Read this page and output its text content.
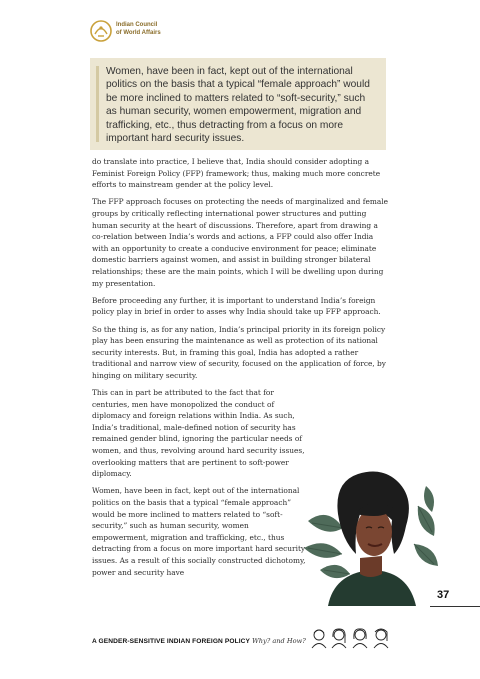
Indian Council
of World Affairs
Women, have been in fact, kept out of the international politics on the basis that a typical “female approach” would be more inclined to matters related to “soft-security,” such as human security, women empowerment, migration and trafficking, etc., thus detracting from a focus on more important hard security issues.

do translate into practice, I believe that, India should consider adopting a Feminist Foreign Policy (FFP) framework; thus, making much more concrete efforts to mainstream gender at the policy level.

The FFP approach focuses on protecting the needs of marginalized and female groups by critically reflecting international power structures and putting human security at the heart of discussions. Therefore, apart from drawing a co-relation between India’s words and actions, a FFP could also offer India with an opportunity to create a conducive environment for peace; eliminate domestic barriers against women, and assist in building stronger bilateral relationships; these are the main points, which I will be dwelling upon during my presentation.

Before proceeding any further, it is important to understand India’s foreign policy play in brief in order to asses why India should take up FFP approach.

So the thing is, as for any nation, India’s principal priority in its foreign policy play has been ensuring the maintenance as well as protection of its national security interests. But, in framing this goal, India has adopted a rather traditional and narrow view of security, focused on the application of force, by hinging on military security.

This can in part be attributed to the fact that for centuries, men have monopolized the conduct of diplomacy and foreign relations within India. As such, India’s traditional, male-defined notion of security has remained gender blind, ignoring the particular needs of women, and thus, revolving around hard security issues, overlooking matters that are pertinent to soft-power diplomacy.

Women, have been in fact, kept out of the international politics on the basis that a typical “female approach” would be more inclined to matters related to “soft-security,” such as human security, women empowerment, migration and trafficking, etc., thus detracting from a focus on more important hard security issues. As a result of this socially constructed dichotomy, power and security have

37
A GENDER-SENSITIVE INDIAN FOREIGN POLICY Why? and How?
